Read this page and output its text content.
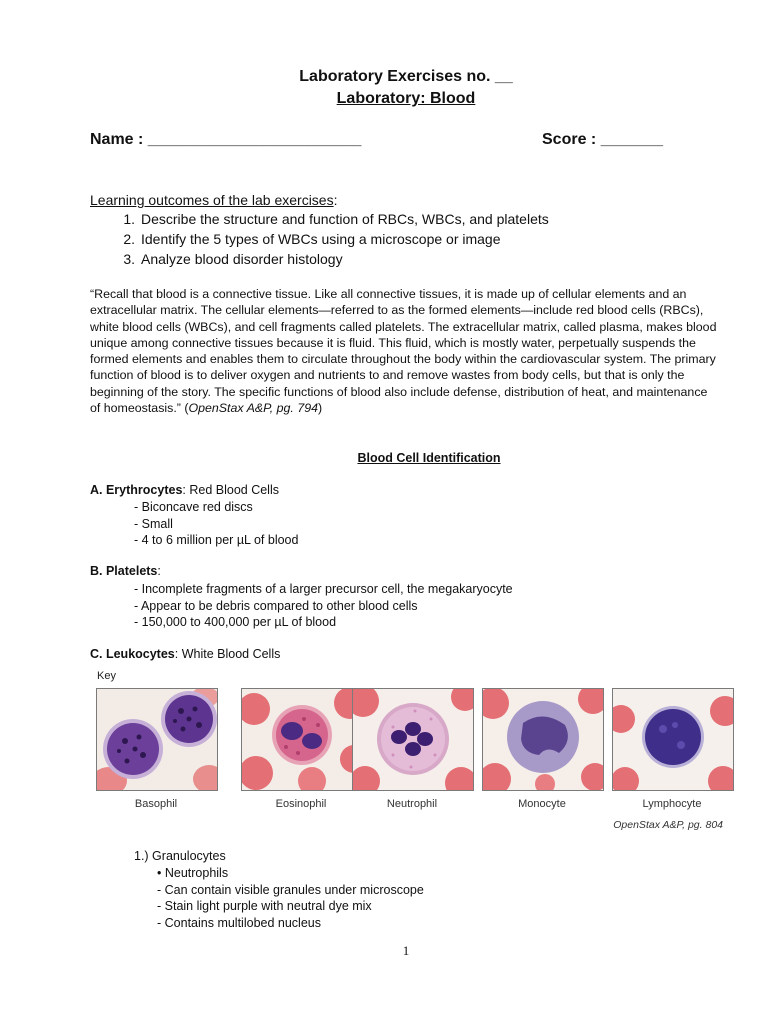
Laboratory Exercises no. __
Laboratory: Blood
Name : ________________________	Score : _______
Learning outcomes of the lab exercises:
1. Describe the structure and function of RBCs, WBCs, and platelets
2. Identify the 5 types of WBCs using a microscope or image
3. Analyze blood disorder histology
“Recall that blood is a connective tissue. Like all connective tissues, it is made up of cellular elements and an extracellular matrix. The cellular elements—referred to as the formed elements—include red blood cells (RBCs), white blood cells (WBCs), and cell fragments called platelets. The extracellular matrix, called plasma, makes blood unique among connective tissues because it is fluid. This fluid, which is mostly water, perpetually suspends the formed elements and enables them to circulate throughout the body within the cardiovascular system. The primary function of blood is to deliver oxygen and nutrients to and remove wastes from body cells, but that is only the beginning of the story. The specific functions of blood also include defense, distribution of heat, and maintenance of homeostasis.” (OpenStax A&P, pg. 794)
Blood Cell Identification
A. Erythrocytes: Red Blood Cells
- Biconcave red discs
- Small
- 4 to 6 million per µL of blood
B. Platelets:
- Incomplete fragments of a larger precursor cell, the megakaryocyte
- Appear to be debris compared to other blood cells
- 150,000 to 400,000 per µL of blood
C. Leukocytes: White Blood Cells
Key
Basophil	Eosinophil	Neutrophil	Monocyte	Lymphocyte
OpenStax A&P, pg. 804
1.) Granulocytes
• Neutrophils
- Can contain visible granules under microscope
- Stain light purple with neutral dye mix
- Contains multilobed nucleus
1
